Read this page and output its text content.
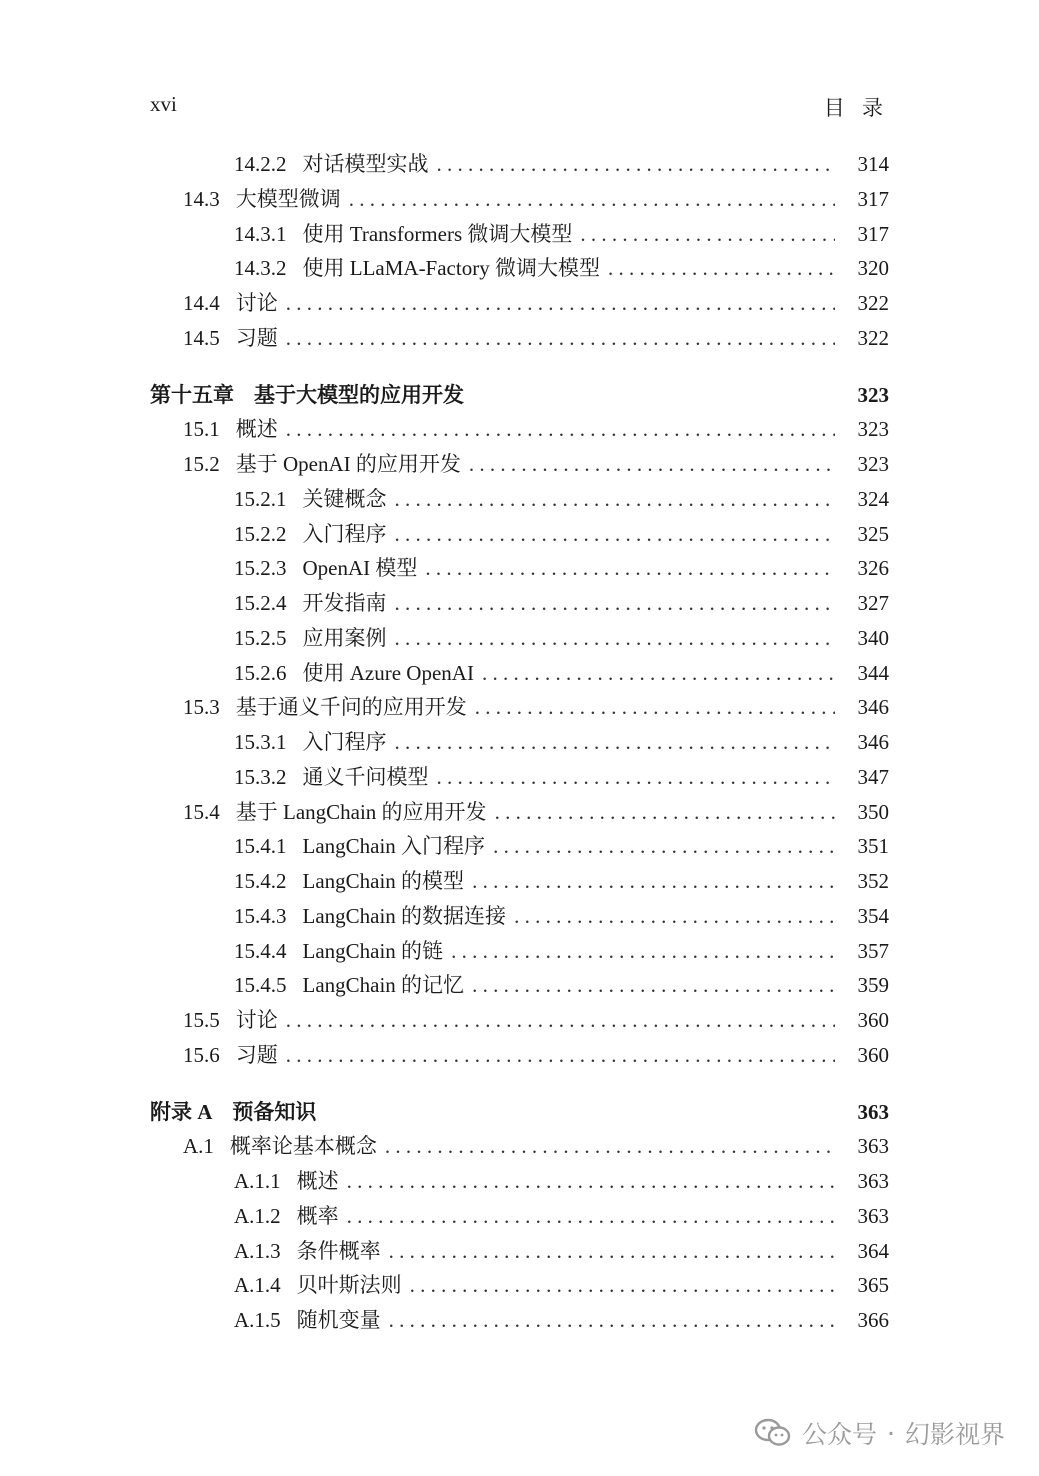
xvi	目 录
14.2.2 对话模型实战 . . .	314
14.3 大模型微调 . . .	317
14.3.1 使用 Transformers 微调大模型 . . .	317
14.3.2 使用 LLaMA-Factory 微调大模型 . . .	320
14.4 讨论 . . .	322
14.5 习题 . . .	322
第十五章 基于大模型的应用开发	323
15.1 概述 . . .	323
15.2 基于 OpenAI 的应用开发 . . .	323
15.2.1 关键概念 . . .	324
15.2.2 入门程序 . . .	325
15.2.3 OpenAI 模型 . . .	326
15.2.4 开发指南 . . .	327
15.2.5 应用案例 . . .	340
15.2.6 使用 Azure OpenAI . . .	344
15.3 基于通义千问的应用开发 . . .	346
15.3.1 入门程序 . . .	346
15.3.2 通义千问模型 . . .	347
15.4 基于 LangChain 的应用开发 . . .	350
15.4.1 LangChain 入门程序 . . .	351
15.4.2 LangChain 的模型 . . .	352
15.4.3 LangChain 的数据连接 . . .	354
15.4.4 LangChain 的链 . . .	357
15.4.5 LangChain 的记忆 . . .	359
15.5 讨论 . . .	360
15.6 习题 . . .	360
附录 A 预备知识	363
A.1 概率论基本概念 . . .	363
A.1.1 概述 . . .	363
A.1.2 概率 . . .	363
A.1.3 条件概率 . . .	364
A.1.4 贝叶斯法则 . . .	365
A.1.5 随机变量 . . .	366
公众号 · 幻影视界
